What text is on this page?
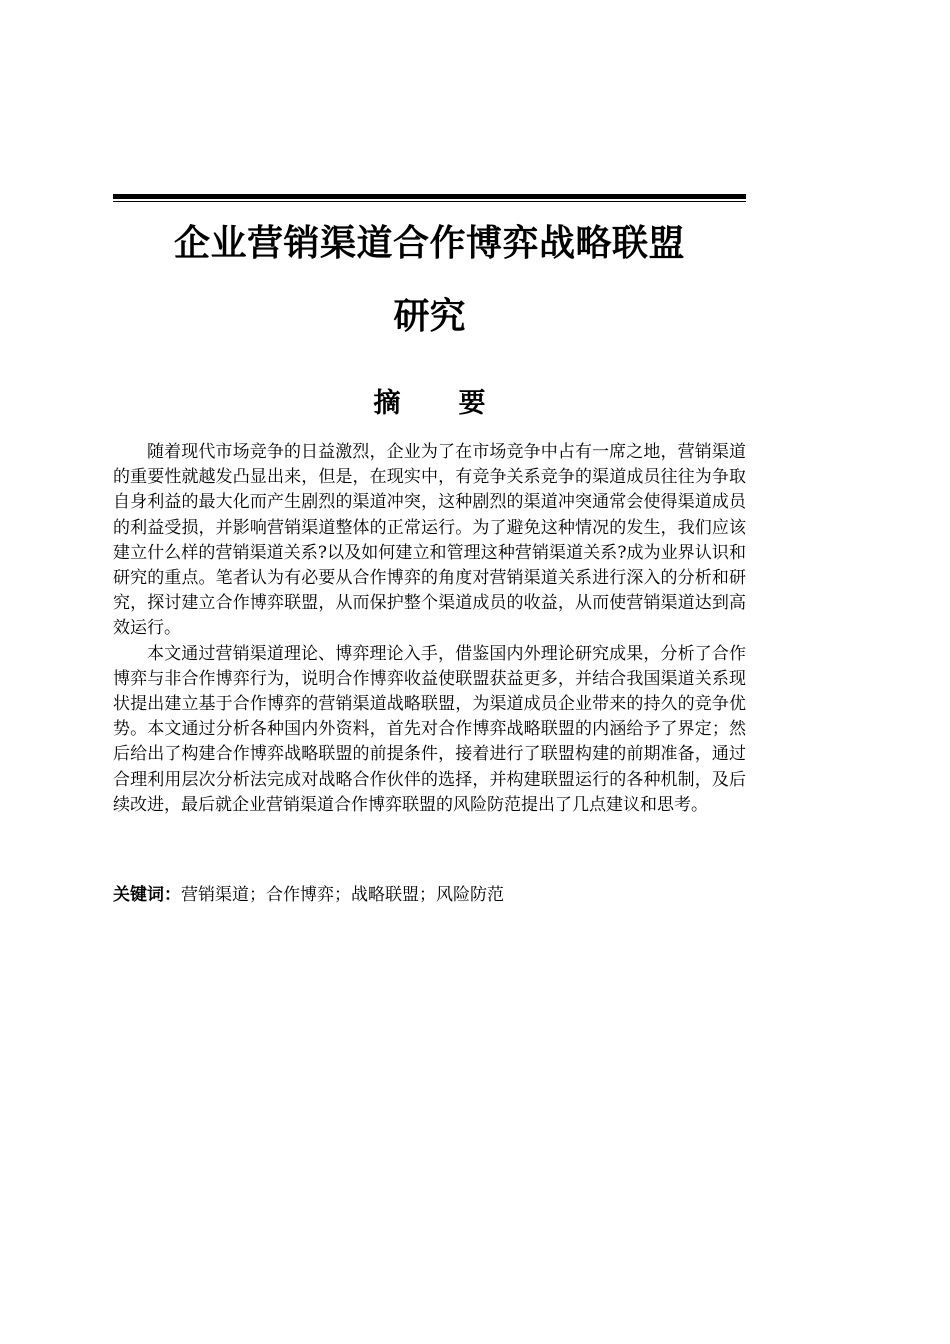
企业营销渠道合作博弈战略联盟
研究
摘要

随着现代市场竞争的日益激烈，企业为了在市场竞争中占有一席之地，营销渠道的重要性就越发凸显出来，但是，在现实中，有竞争关系竞争的渠道成员往往为争取自身利益的最大化而产生剧烈的渠道冲突，这种剧烈的渠道冲突通常会使得渠道成员的利益受损，并影响营销渠道整体的正常运行。为了避免这种情况的发生，我们应该建立什么样的营销渠道关系?以及如何建立和管理这种营销渠道关系?成为业界认识和研究的重点。笔者认为有必要从合作博弈的角度对营销渠道关系进行深入的分析和研究，探讨建立合作博弈联盟，从而保护整个渠道成员的收益，从而使营销渠道达到高效运行。

本文通过营销渠道理论、博弈理论入手，借鉴国内外理论研究成果，分析了合作博弈与非合作博弈行为，说明合作博弈收益使联盟获益更多，并结合我国渠道关系现状提出建立基于合作博弈的营销渠道战略联盟，为渠道成员企业带来的持久的竞争优势。本文通过分析各种国内外资料，首先对合作博弈战略联盟的内涵给予了界定；然后给出了构建合作博弈战略联盟的前提条件，接着进行了联盟构建的前期准备，通过合理利用层次分析法完成对战略合作伙伴的选择，并构建联盟运行的各种机制，及后续改进，最后就企业营销渠道合作博弈联盟的风险防范提出了几点建议和思考。

关键词：营销渠道；合作博弈；战略联盟；风险防范
